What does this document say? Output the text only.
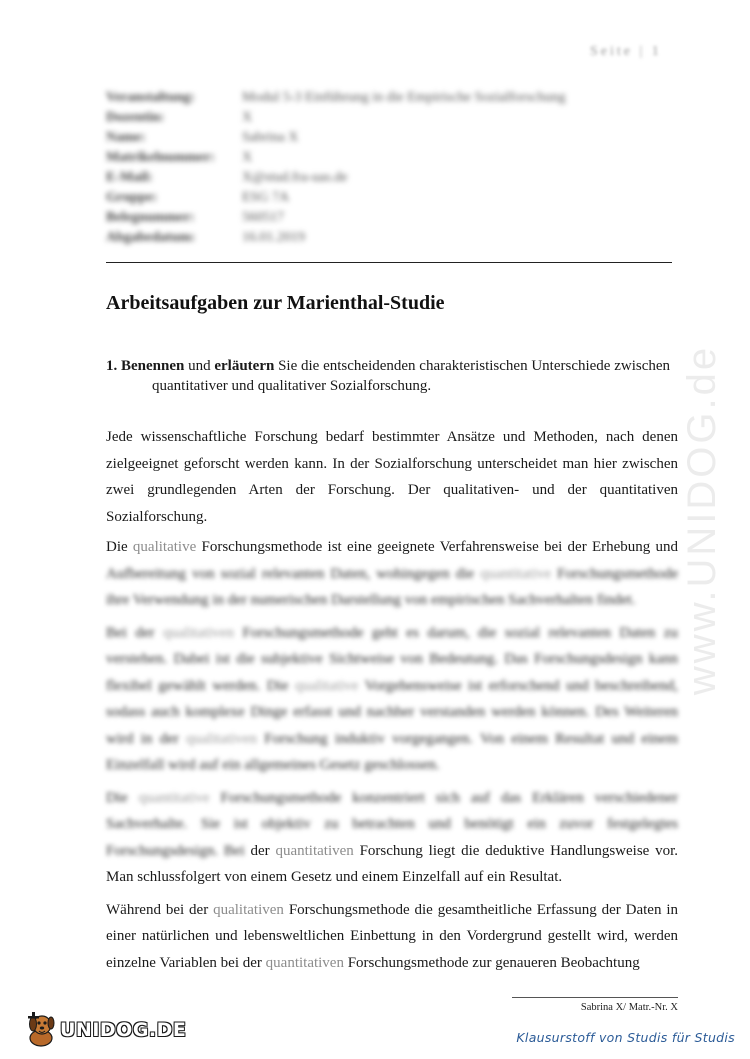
Seite | 1
Veranstaltung:	Modul 5-3 Einführung in die Empirische Sozialforschung
Dozentin:	X
Name:	Sabrina X
Matrikelnummer:	X
E-Mail:	X@stud.fra-uas.de
Gruppe:	ESG 7A
Belegnummer:	560517
Abgabedatum:	16.01.2019
www.UNIDOG.de
Arbeitsaufgaben zur Marienthal-Studie
1. Benennen und erläutern Sie die entscheidenden charakteristischen Unterschiede zwischen quantitativer und qualitativer Sozialforschung.

Jede wissenschaftliche Forschung bedarf bestimmter Ansätze und Methoden, nach denen zielgeeignet geforscht werden kann. In der Sozialforschung unterscheidet man hier zwischen zwei grundlegenden Arten der Forschung. Der qualitativen- und der quantitativen Sozialforschung.

Die qualitative Forschungsmethode ist eine geeignete Verfahrensweise bei der Erhebung und Aufbereitung von sozial relevanten Daten, wohingegen die quantitative Forschungsmethode ihre Verwendung in der numerischen Darstellung von empirischen Sachverhalten findet.

Bei der qualitativen Forschungsmethode geht es darum, die sozial relevanten Daten zu verstehen. Dabei ist die subjektive Sichtweise von Bedeutung. Das Forschungsdesign kann flexibel gewählt werden. Die qualitative Vorgehensweise ist erforschend und beschreibend, sodass auch komplexe Dinge erfasst und nachher verstanden werden können. Des Weiteren wird in der qualitativen Forschung induktiv vorgegangen. Von einem Resultat und einem Einzelfall wird auf ein allgemeines Gesetz geschlossen.

Die quantitative Forschungsmethode konzentriert sich auf das Erklären verschiedener Sachverhalte. Sie ist objektiv zu betrachten und benötigt ein zuvor festgelegtes Forschungsdesign. Bei der quantitativen Forschung liegt die deduktive Handlungsweise vor. Man schlussfolgert von einem Gesetz und einem Einzelfall auf ein Resultat.

Während bei der qualitativen Forschungsmethode die gesamtheitliche Erfassung der Daten in einer natürlichen und lebensweltlichen Einbettung in den Vordergrund gestellt wird, werden einzelne Variablen bei der quantitativen Forschungsmethode zur genaueren Beobachtung

Sabrina X/ Matr.-Nr. X
UNIDOG.DE	Klausurstoff von Studis für Studis
